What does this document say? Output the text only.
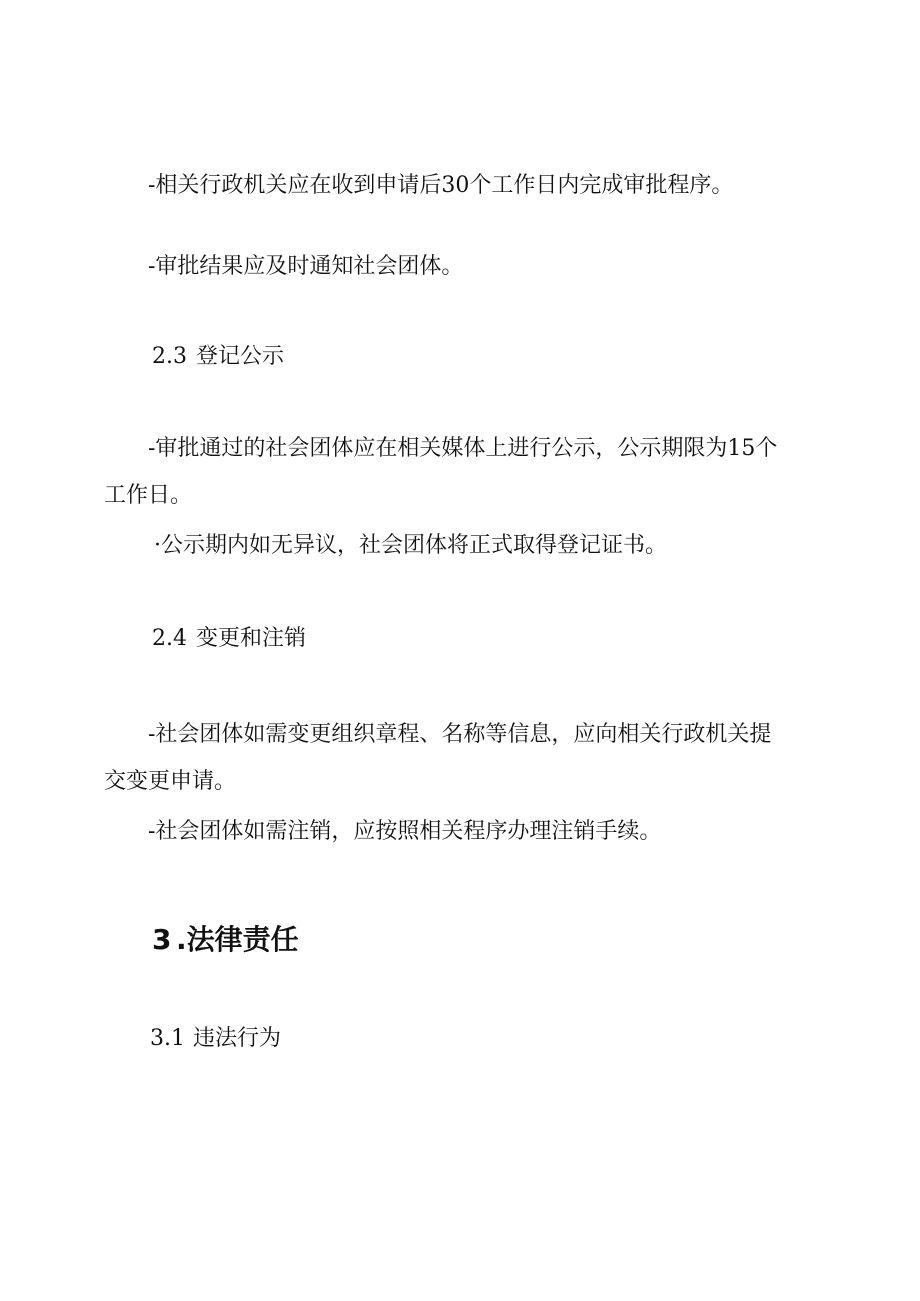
-相关行政机关应在收到申请后30个工作日内完成审批程序。
-审批结果应及时通知社会团体。
2.3 登记公示
-审批通过的社会团体应在相关媒体上进行公示，公示期限为15个
工作日。
·公示期内如无异议，社会团体将正式取得登记证书。
2.4 变更和注销
-社会团体如需变更组织章程、名称等信息，应向相关行政机关提
交变更申请。
-社会团体如需注销，应按照相关程序办理注销手续。
3 .法律责任
3.1 违法行为
